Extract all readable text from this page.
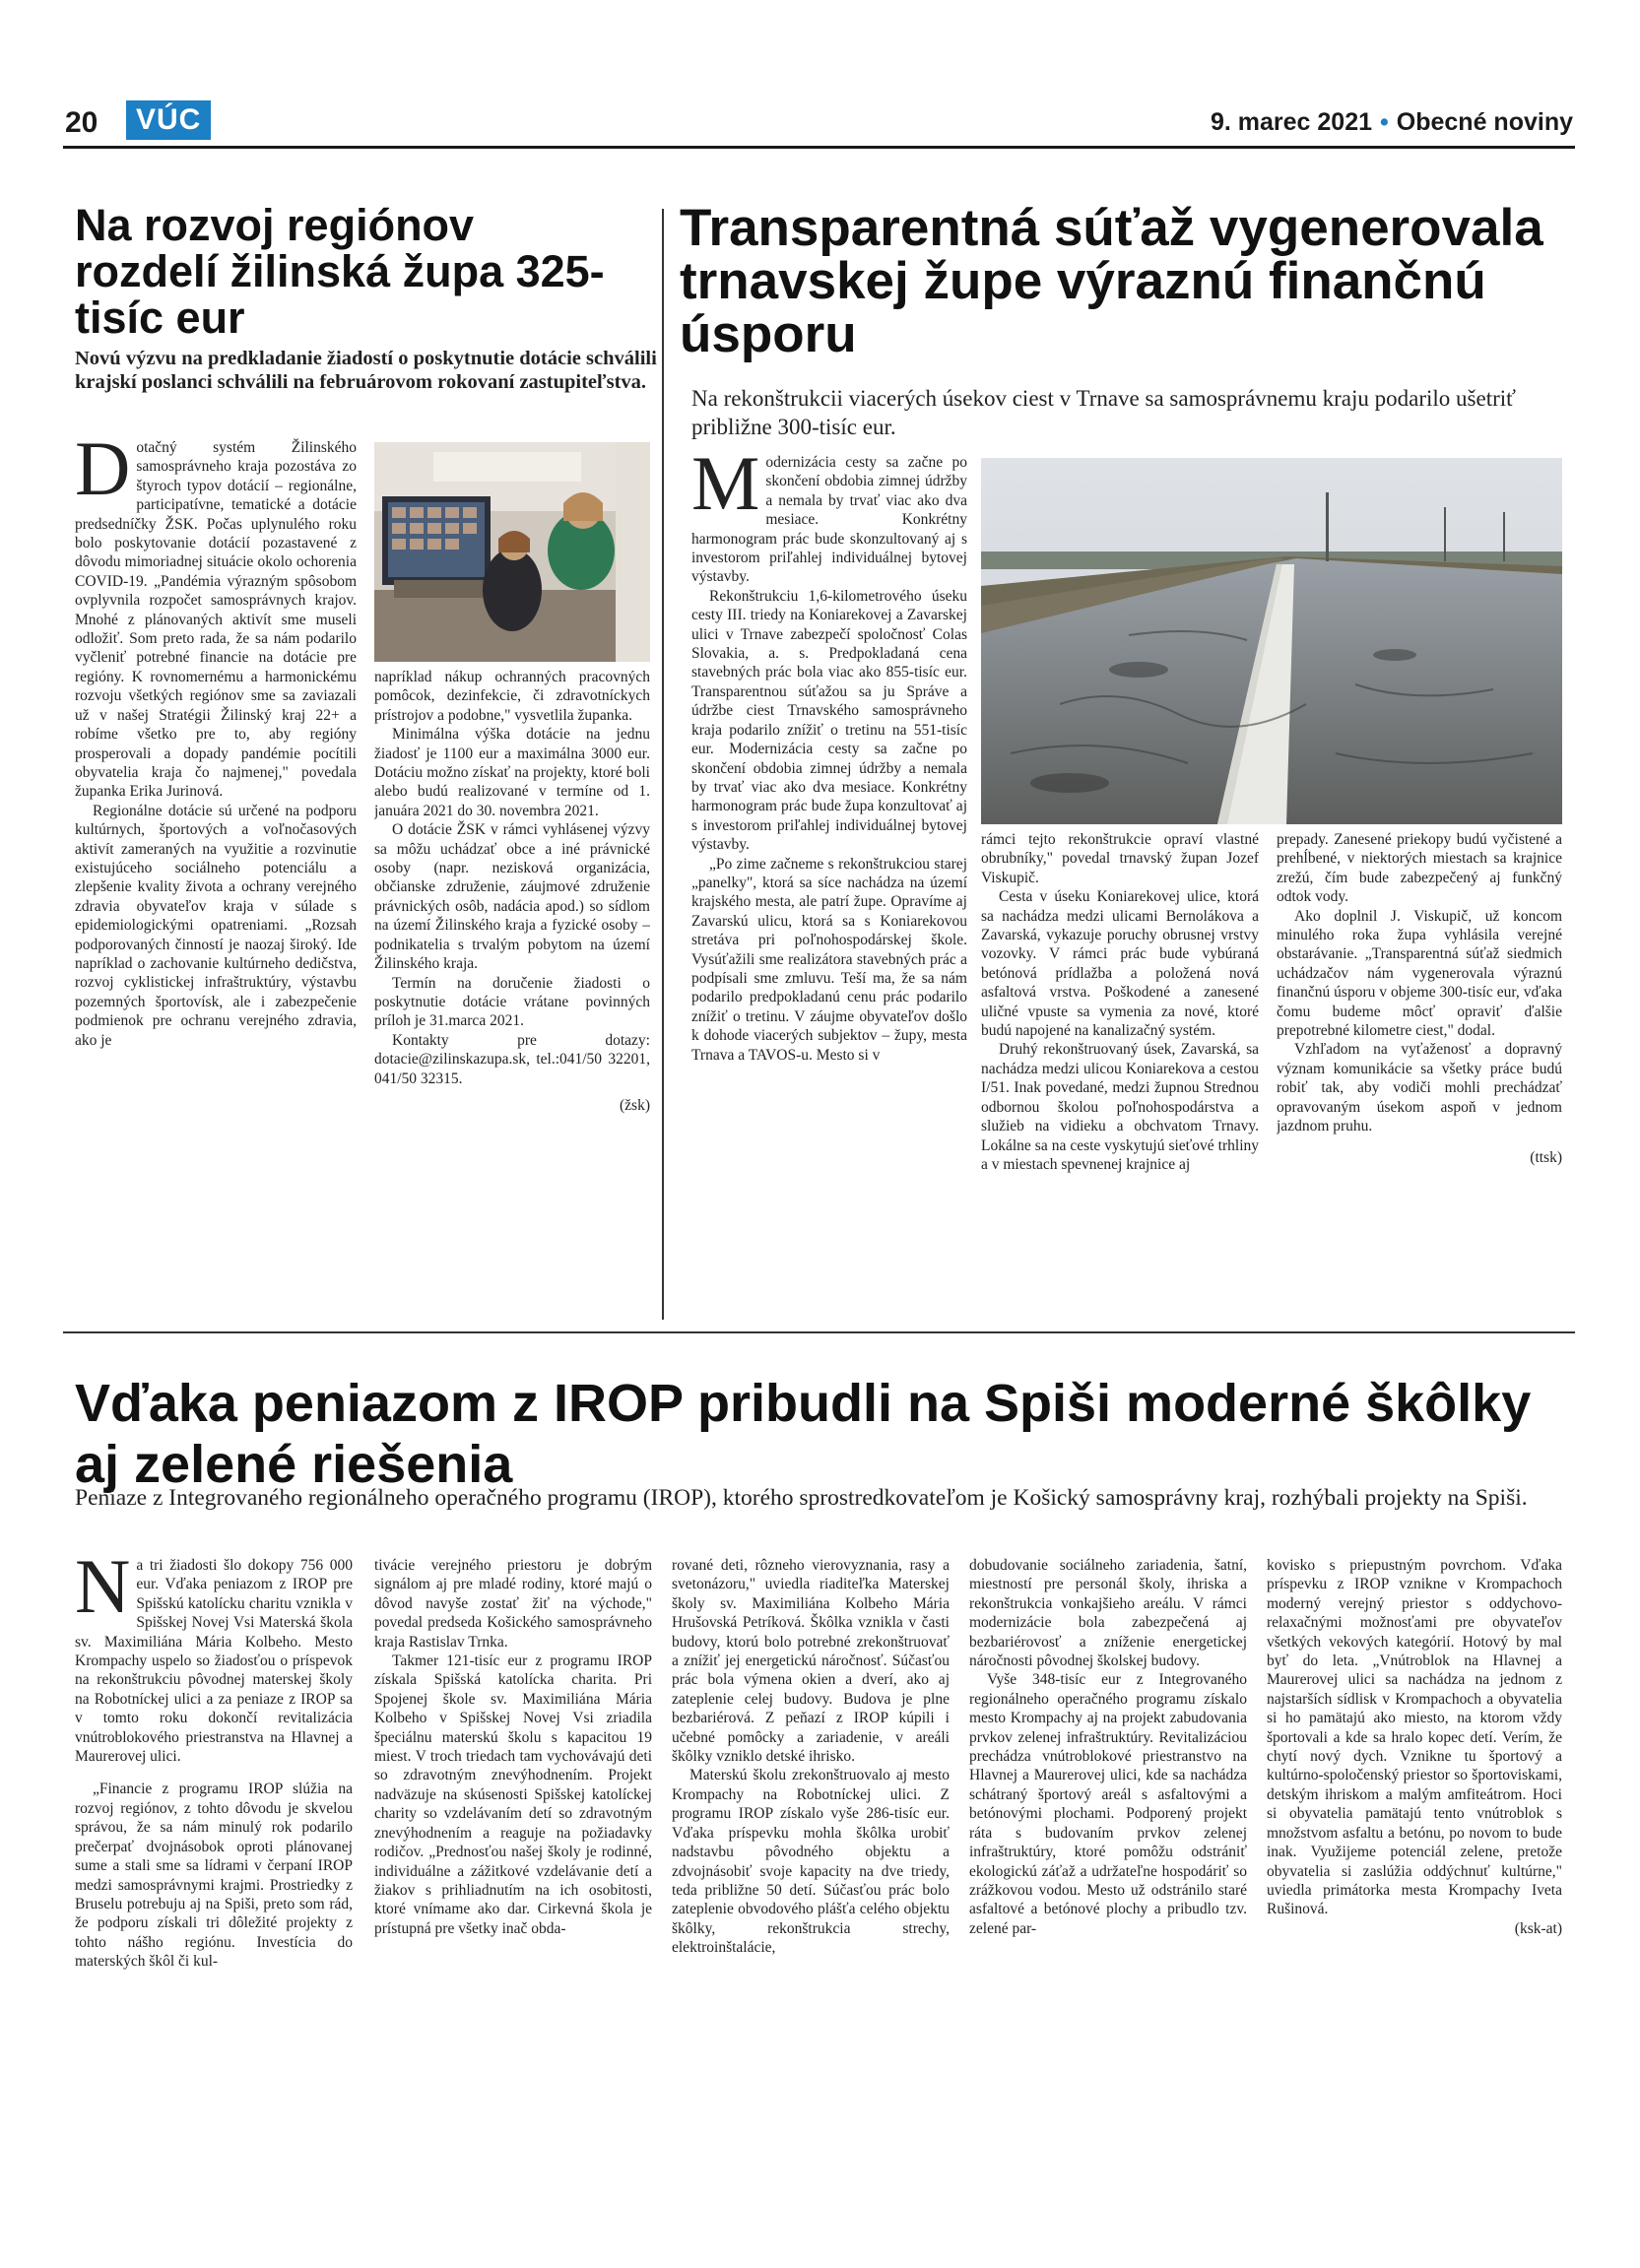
20	VÚC	9. marec 2021 • Obecné noviny
Na rozvoj regiónov rozdelí žilinská župa 325-tisíc eur
Novú výzvu na predkladanie žiadostí o poskytnutie dotácie schválili krajskí poslanci schválili na februárovom rokovaní zastupiteľstva.

Dotačný systém Žilinského samosprávneho kraja pozostáva zo štyroch typov dotácií – regionálne, participatívne, tematické a dotácie predsedníčky ŽSK. Počas uplynulého roku bolo poskytovanie dotácií pozastavené z dôvodu mimoriadnej situácie okolo ochorenia COVID-19. „Pandémia výrazným spôsobom ovplyvnila rozpočet samosprávnych krajov. Mnohé z plánovaných aktivít sme museli odložiť. Som preto rada, že sa nám podarilo vyčleniť potrebné financie na dotácie pre regióny. K rovnomernému a harmonickému rozvoju všetkých regiónov sme sa zaviazali už v našej Stratégii Žilinský kraj 22+ a robíme všetko pre to, aby regióny prosperovali a dopady pandémie pocítili obyvatelia kraja čo najmenej," povedala županka Erika Jurinová.

Regionálne dotácie sú určené na podporu kultúrnych, športových a voľnočasových aktivít zameraných na využitie a rozvinutie existujúceho sociálneho potenciálu a zlepšenie kvality života a ochrany verejného zdravia obyvateľov kraja v súlade s epidemiologickými opatreniami. „Rozsah podporovaných činností je naozaj široký. Ide napríklad o zachovanie kultúrneho dedičstva, rozvoj cyklistickej infraštruktúry, výstavbu pozemných športovísk, ale i zabezpečenie podmienok pre ochranu verejného zdravia, ako je

napríklad nákup ochranných pracovných pomôcok, dezinfekcie, či zdravotníckych prístrojov a podobne," vysvetlila županka.

Minimálna výška dotácie na jednu žiadosť je 1100 eur a maximálna 3000 eur. Dotáciu možno získať na projekty, ktoré boli alebo budú realizované v termíne od 1. januára 2021 do 30. novembra 2021.

O dotácie ŽSK v rámci vyhlásenej výzvy sa môžu uchádzať obce a iné právnické osoby (napr. nezisková organizácia, občianske združenie, záujmové združenie právnických osôb, nadácia apod.) so sídlom na území Žilinského kraja a fyzické osoby –podnikatelia s trvalým pobytom na území Žilinského kraja.

Termín na doručenie žiadosti o poskytnutie dotácie vrátane povinných príloh je 31.marca 2021.

Kontakty pre dotazy: dotacie@zilinskazupa.sk, tel.:041/50 32201, 041/50 32315.

(žsk)
Transparentná súťaž vygenerovala trnavskej župe výraznú finančnú úsporu
Na rekonštrukcii viacerých úsekov ciest v Trnave sa samosprávnemu kraju podarilo ušetriť približne 300-tisíc eur.

Modernizácia cesty sa začne po skončení obdobia zimnej údržby a nemala by trvať viac ako dva mesiace. Konkrétny harmonogram prác bude skonzultovaný aj s investorom priľahlej individuálnej bytovej výstavby.

Rekonštrukciu 1,6-kilometrového úseku cesty III. triedy na Koniarekovej a Zavarskej ulici v Trnave zabezpečí spoločnosť Colas Slovakia, a. s. Predpokladaná cena stavebných prác bola viac ako 855-tisíc eur. Transparentnou súťažou sa ju Správe a údržbe ciest Trnavského samosprávneho kraja podarilo znížiť o tretinu na 551-tisíc eur. Modernizácia cesty sa začne po skončení obdobia zimnej údržby a nemala by trvať viac ako dva mesiace. Konkrétny harmonogram prác bude župa konzultovať aj s investorom priľahlej individuálnej bytovej výstavby.

„Po zime začneme s rekonštrukciou starej „panelky", ktorá sa síce nachádza na území krajského mesta, ale patrí župe. Opravíme aj Zavarskú ulicu, ktorá sa s Koniarekovou stretáva pri poľnohospodárskej škole. Vysúťažili sme realizátora stavebných prác a podpísali sme zmluvu. Teší ma, že sa nám podarilo predpokladanú cenu prác podarilo znížiť o tretinu. V záujme obyvateľov došlo k dohode viacerých subjektov – župy, mesta Trnava a TAVOS-u. Mesto si v

rámci tejto rekonštrukcie opraví vlastné obrubníky," povedal trnavský župan Jozef Viskupič.

Cesta v úseku Koniarekovej ulice, ktorá sa nachádza medzi ulicami Bernolákova a Zavarská, vykazuje poruchy obrusnej vrstvy vozovky. V rámci prác bude vybúraná betónová prídlažba a položená nová asfaltová vrstva. Poškodené a zanesené uličné vpuste sa vymenia za nové, ktoré budú napojené na kanalizačný systém.

Druhý rekonštruovaný úsek, Zavarská, sa nachádza medzi ulicou Koniarekova a cestou I/51. Inak povedané, medzi župnou Strednou odbornou školou poľnohospodárstva a služieb na vidieku a obchvatom Trnavy. Lokálne sa na ceste vyskytujú sieťové trhliny a v miestach spevnenej krajnice aj

prepady. Zanesené priekopy budú vyčistené a prehĺbené, v niektorých miestach sa krajnice zrežú, čím bude zabezpečený aj funkčný odtok vody.

Ako doplnil J. Viskupič, už koncom minulého roka župa vyhlásila verejné obstarávanie. „Transparentná súťaž siedmich uchádzačov nám vygenerovala výraznú finančnú úsporu v objeme 300-tisíc eur, vďaka čomu budeme môcť opraviť ďalšie prepotrebné kilometre ciest," dodal.

Vzhľadom na vyťaženosť a dopravný význam komunikácie sa všetky práce budú robiť tak, aby vodiči mohli prechádzať opravovaným úsekom aspoň v jednom jazdnom pruhu.

(ttsk)
Vďaka peniazom z IROP pribudli na Spiši moderné škôlky aj zelené riešenia
Peniaze z Integrovaného regionálneho operačného programu (IROP), ktorého sprostredkovateľom je Košický samosprávny kraj, rozhýbali projekty na Spiši.

Na tri žiadosti šlo dokopy 756 000 eur. Vďaka peniazom z IROP pre Spišskú katolícku charitu vznikla v Spišskej Novej Vsi Materská škola sv. Maximiliána Mária Kolbeho. Mesto Krompachy uspelo so žiadosťou o príspevok na rekonštrukciu pôvodnej materskej školy na Robotníckej ulici a za peniaze z IROP sa v tomto roku dokončí revitalizácia vnútroblokového priestranstva na Hlavnej a Maurerovej ulici.

„Financie z programu IROP slúžia na rozvoj regiónov, z tohto dôvodu je skvelou správou, že sa nám minulý rok podarilo prečerpať dvojnásobok oproti plánovanej sume a stali sme sa lídrami v čerpaní IROP medzi samosprávnymi krajmi. Prostriedky z Bruselu potrebuju aj na Spiši, preto som rád, že podporu získali tri dôležité projekty z tohto nášho regiónu. Investícia do materských škôl či kul-

tivácie verejného priestoru je dobrým signálom aj pre mladé rodiny, ktoré majú o dôvod navyše zostať žiť na východe," povedal predseda Košického samosprávneho kraja Rastislav Trnka.

Takmer 121-tisíc eur z programu IROP získala Spišská katolícka charita. Pri Spojenej škole sv. Maximiliána Mária Kolbeho v Spišskej Novej Vsi zriadila špeciálnu materskú školu s kapacitou 19 miest. V troch triedach tam vychovávajú deti so zdravotným znevýhodnením. Projekt nadväzuje na skúsenosti Spišskej katolíckej charity so vzdelávaním detí so zdravotným znevýhodnením a reaguje na požiadavky rodičov. „Prednosťou našej školy je rodinné, individuálne a zážitkové vzdelávanie detí a žiakov s prihliadnutím na ich osobitosti, ktoré vnímame ako dar. Cirkevná škola je prístupná pre všetky inač obda-

rované deti, rôzneho vierovyznania, rasy a svetonázoru," uviedla riaditeľka Materskej školy sv. Maximiliána Kolbeho Mária Hrušovská Petríková. Škôlka vznikla v časti budovy, ktorú bolo potrebné zrekonštruovať a znížiť jej energetickú náročnosť. Súčasťou prác bola výmena okien a dverí, ako aj zateplenie celej budovy. Budova je plne bezbariérová. Z peňazí z IROP kúpili i učebné pomôcky a zariadenie, v areáli škôlky vzniklo detské ihrisko.

Materskú školu zrekonštruovalo aj mesto Krompachy na Robotníckej ulici. Z programu IROP získalo vyše 286-tisíc eur. Vďaka príspevku mohla škôlka urobiť nadstavbu pôvodného objektu a zdvojnásobiť svoje kapacity na dve triedy, teda približne 50 detí. Súčasťou prác bolo zateplenie obvodového plášťa celého objektu škôlky, rekonštrukcia strechy, elektroinštalácie,

dobudovanie sociálneho zariadenia, šatní, miestností pre personál školy, ihriska a rekonštrukcia vonkajšieho areálu. V rámci modernizácie bola zabezpečená aj bezbariérovosť a zníženie energetickej náročnosti pôvodnej školskej budovy.

Vyše 348-tisíc eur z Integrovaného regionálneho operačného programu získalo mesto Krompachy aj na projekt zabudovania prvkov zelenej infraštruktúry. Revitalizáciou prechádza vnútroblokové priestranstvo na Hlavnej a Maurerovej ulici, kde sa nachádza schátraný športový areál s asfaltovými a betónovými plochami. Podporený projekt ráta s budovaním prvkov zelenej infraštruktúry, ktoré pomôžu odstrániť ekologickú záťaž a udržateľne hospodáriť so zrážkovou vodou. Mesto už odstránilo staré asfaltové a betónové plochy a pribudlo tzv. zelené par-

kovisko s priepustným povrchom. Vďaka príspevku z IROP vznikne v Krompachoch moderný verejný priestor s oddychovo-relaxačnými možnosťami pre obyvateľov všetkých vekových kategórií. Hotový by mal byť do leta. „Vnútroblok na Hlavnej a Maurerovej ulici sa nachádza na jednom z najstarších sídlisk v Krompachoch a obyvatelia si ho pamätajú ako miesto, na ktorom vždy športovali a kde sa hralo kopec detí. Verím, že chytí nový dych. Vznikne tu športový a kultúrno-spoločenský priestor so športoviskami, detským ihriskom a malým amfiteátrom. Hoci si obyvatelia pamätajú tento vnútroblok s množstvom asfaltu a betónu, po novom to bude inak. Využijeme potenciál zelene, pretože obyvatelia si zaslúžia oddýchnuť kultúrne," uviedla primátorka mesta Krompachy Iveta Rušinová.

(ksk-at)
